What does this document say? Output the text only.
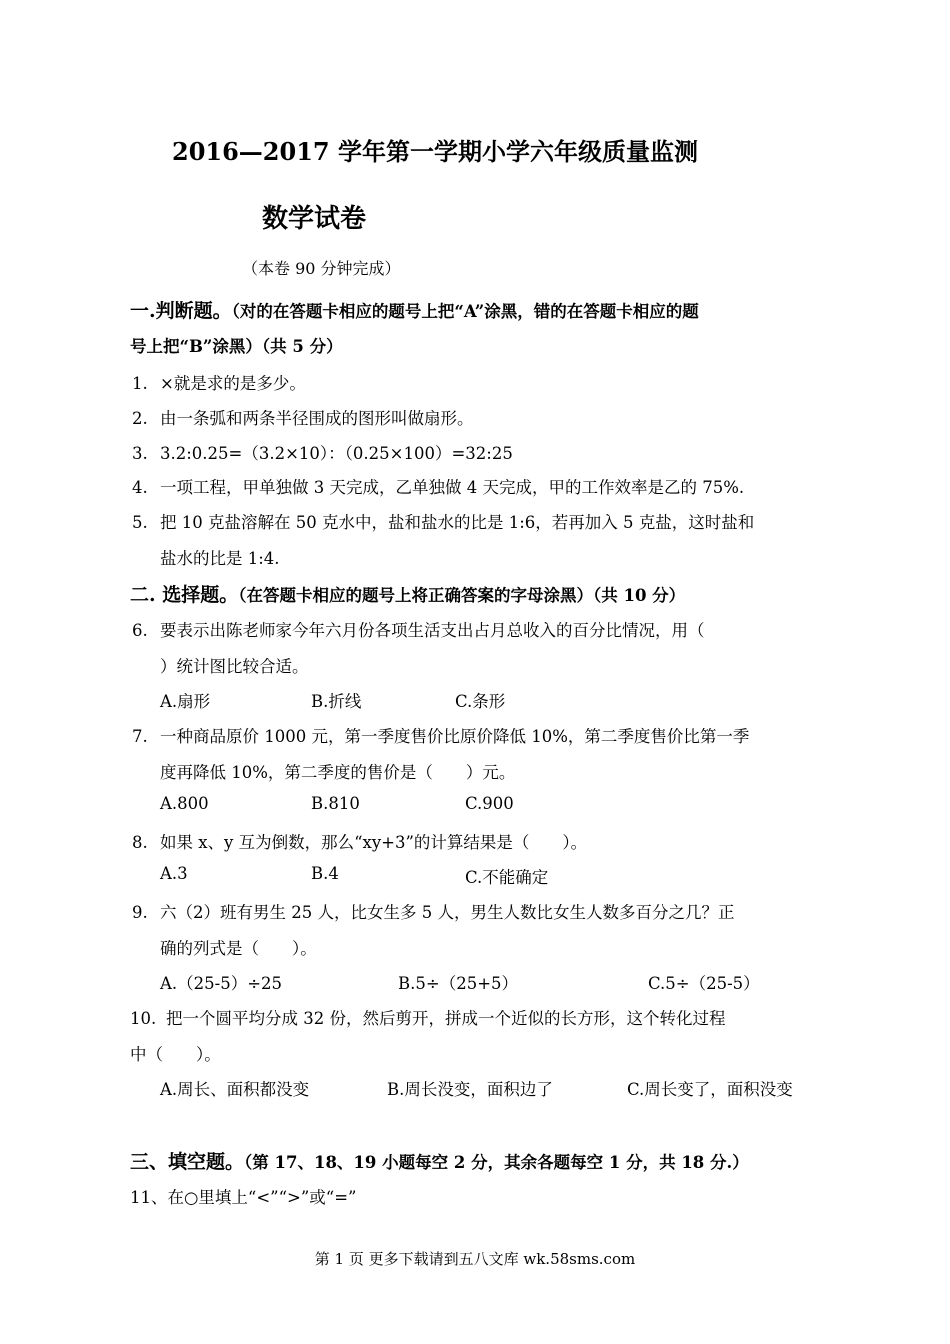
2016—2017 学年第一学期小学六年级质量监测
数学试卷
（本卷 90 分钟完成）
一.判断题。（对的在答题卡相应的题号上把“A”涂黑，错的在答题卡相应的题
号上把“B”涂黑）（共 5 分）
1. ×就是求的是多少。
2. 由一条弧和两条半径围成的图形叫做扇形。
3. 3.2:0.25=（3.2×10）：（0.25×100）=32:25
4. 一项工程，甲单独做 3 天完成，乙单独做 4 天完成，甲的工作效率是乙的 75%.
5. 把 10 克盐溶解在 50 克水中，盐和盐水的比是 1:6，若再加入 5 克盐，这时盐和
盐水的比是 1:4.
二. 选择题。（在答题卡相应的题号上将正确答案的字母涂黑）（共 10 分）
6. 要表示出陈老师家今年六月份各项生活支出占月总收入的百分比情况，用（
）统计图比较合适。
A.扇形	B.折线	C.条形
7. 一种商品原价 1000 元，第一季度售价比原价降低 10%，第二季度售价比第一季
度再降低 10%，第二季度的售价是（　　）元。
A.800	B.810	C.900
8. 如果 x、y 互为倒数，那么“xy+3”的计算结果是（　　）。
A.3	B.4	C.不能确定
9. 六（2）班有男生 25 人，比女生多 5 人，男生人数比女生人数多百分之几？正
确的列式是（　　）。
A.（25-5）÷25	B.5÷（25+5）	C.5÷（25-5）
10. 把一个圆平均分成 32 份，然后剪开，拼成一个近似的长方形，这个转化过程
中（　　）。
A.周长、面积都没变	B.周长没变，面积边了	C.周长变了，面积没变
三、填空题。（第 17、18、19 小题每空 2 分，其余各题每空 1 分，共 18 分.）
11、在○里填上“<”“>”或“=”
第 1 页 更多下载请到五八文库 wk.58sms.com
